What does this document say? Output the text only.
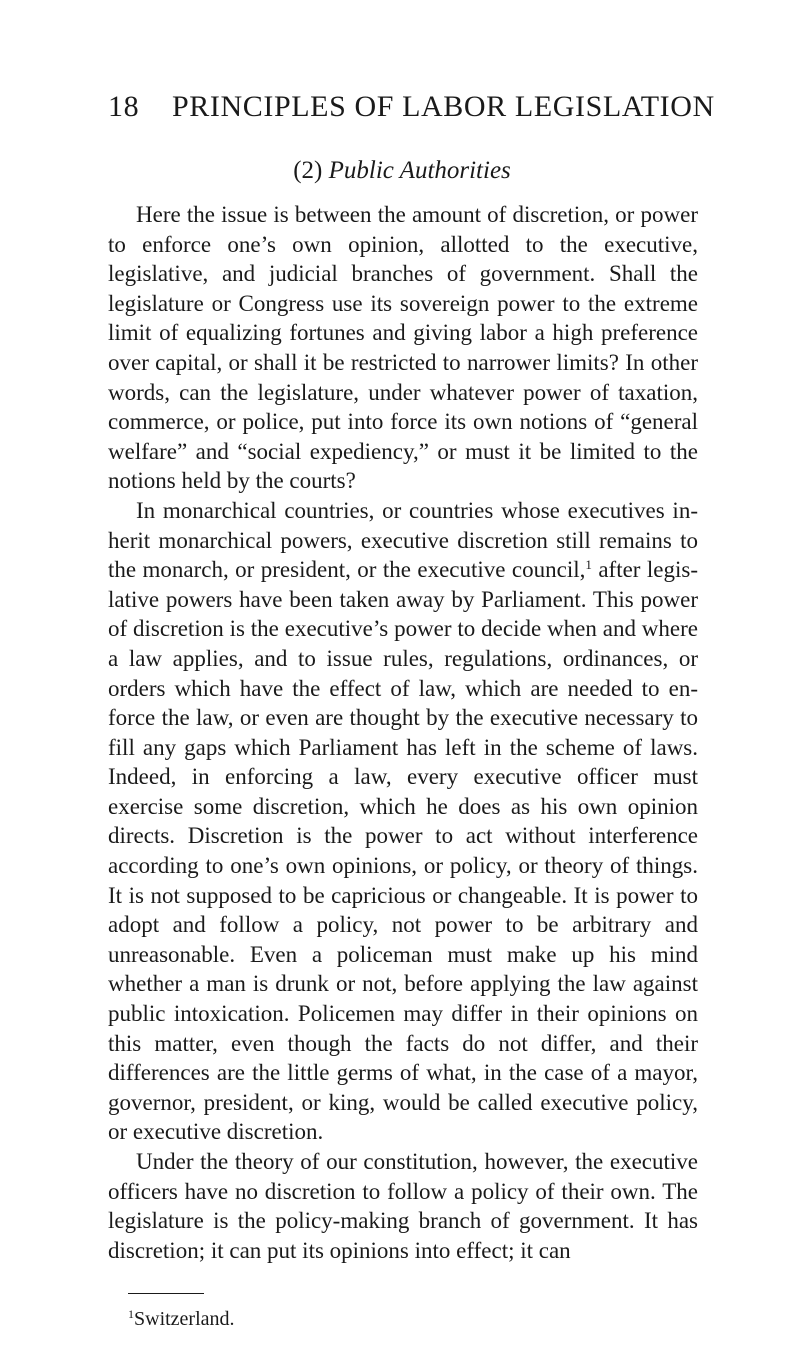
18	PRINCIPLES OF LABOR LEGISLATION
(2) Public Authorities

Here the issue is between the amount of discretion, or power to enforce one’s own opinion, allotted to the executive, legislative, and judicial branches of government. Shall the legislature or Congress use its sovereign power to the extreme limit of equalizing fortunes and giving labor a high preference over capital, or shall it be restricted to narrower limits? In other words, can the legislature, under whatever power of taxation, commerce, or police, put into force its own notions of “general welfare” and “social expediency,” or must it be limited to the notions held by the courts?

In monarchical countries, or countries whose executives inherit monarchical powers, executive discretion still remains to the monarch, or president, or the executive council,$^1$ after legislative powers have been taken away by Parliament. This power of discretion is the executive’s power to decide when and where a law applies, and to issue rules, regulations, ordinances, or orders which have the effect of law, which are needed to enforce the law, or even are thought by the executive necessary to fill any gaps which Parliament has left in the scheme of laws. Indeed, in enforcing a law, every executive officer must exercise some discretion, which he does as his own opinion directs. Discretion is the power to act without interference according to one’s own opinions, or policy, or theory of things. It is not supposed to be capricious or changeable. It is power to adopt and follow a policy, not power to be arbitrary and unreasonable. Even a policeman must make up his mind whether a man is drunk or not, before applying the law against public intoxication. Policemen may differ in their opinions on this matter, even though the facts do not differ, and their differences are the little germs of what, in the case of a mayor, governor, president, or king, would be called executive policy, or executive discretion.

Under the theory of our constitution, however, the executive officers have no discretion to follow a policy of their own. The legislature is the policy-making branch of government. It has discretion; it can put its opinions into effect; it can

$^1$Switzerland.
